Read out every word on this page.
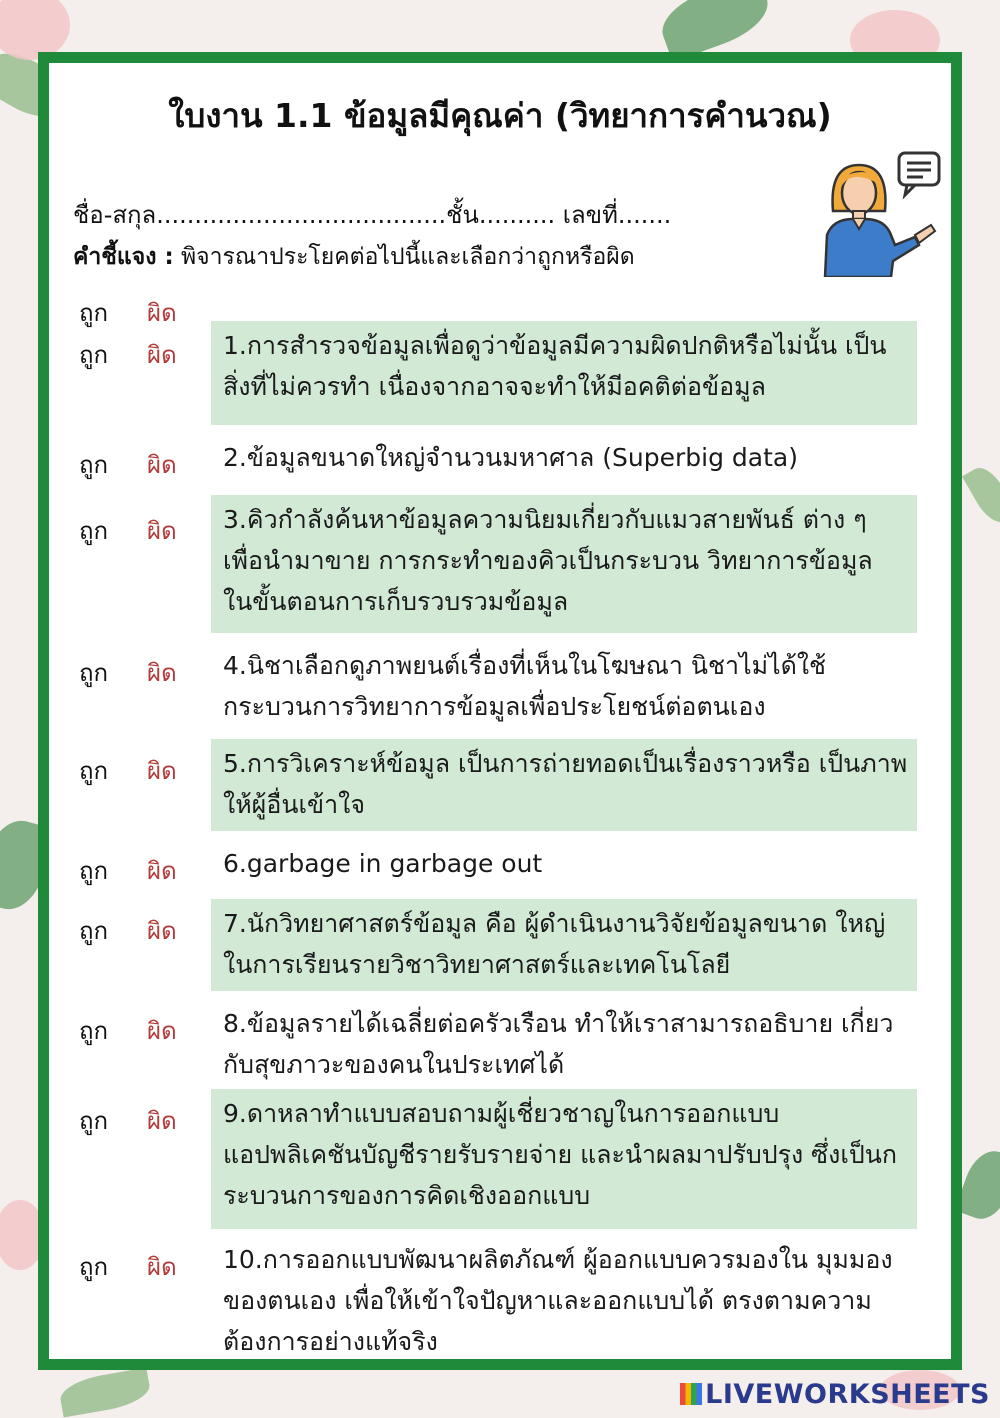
ใบงาน 1.1 ข้อมูลมีคุณค่า (วิทยาการคำนวณ)
ชื่อ-สกุล......................................ชั้น.......... เลขที่.......
คำชี้แจง : พิจารณาประโยคต่อไปนี้และเลือกว่าถูกหรือผิด
ถูก ผิด
ถูก ผิด	1.การสำรวจข้อมูลเพื่อดูว่าข้อมูลมีความผิดปกติหรือไม่นั้น เป็นสิ่งที่ไม่ควรทำ เนื่องจากอาจจะทำให้มีอคติต่อข้อมูล
ถูก ผิด	2.ข้อมูลขนาดใหญ่จำนวนมหาศาล (Superbig data)
ถูก ผิด	3.คิวกำลังค้นหาข้อมูลความนิยมเกี่ยวกับแมวสายพันธ์ ต่าง ๆ เพื่อนำมาขาย การกระทำของคิวเป็นกระบวน วิทยาการข้อมูล ในขั้นตอนการเก็บรวบรวมข้อมูล
ถูก ผิด	4.นิชาเลือกดูภาพยนต์เรื่องที่เห็นในโฆษณา นิชาไม่ได้ใช้ กระบวนการวิทยาการข้อมูลเพื่อประโยชน์ต่อตนเอง
ถูก ผิด	5.การวิเคราะห์ข้อมูล เป็นการถ่ายทอดเป็นเรื่องราวหรือ เป็นภาพให้ผู้อื่นเข้าใจ
ถูก ผิด	6.garbage in garbage out
ถูก ผิด	7.นักวิทยาศาสตร์ข้อมูล คือ ผู้ดำเนินงานวิจัยข้อมูลขนาด ใหญ่ ในการเรียนรายวิชาวิทยาศาสตร์และเทคโนโลยี
ถูก ผิด	8.ข้อมูลรายได้เฉลี่ยต่อครัวเรือน ทำให้เราสามารถอธิบาย เกี่ยวกับสุขภาวะของคนในประเทศได้
ถูก ผิด	9.ดาหลาทำแบบสอบถามผู้เชี่ยวชาญในการออกแบบ แอปพลิเคชันบัญชีรายรับรายจ่าย และนำผลมาปรับปรุง ซึ่งเป็นกระบวนการของการคิดเชิงออกแบบ
ถูก ผิด	10.การออกแบบพัฒนาผลิตภัณฑ์ ผู้ออกแบบควรมองใน มุมมองของตนเอง เพื่อให้เข้าใจปัญหาและออกแบบได้ ตรงตามความต้องการอย่างแท้จริง
LIVEWORKSHEETS
